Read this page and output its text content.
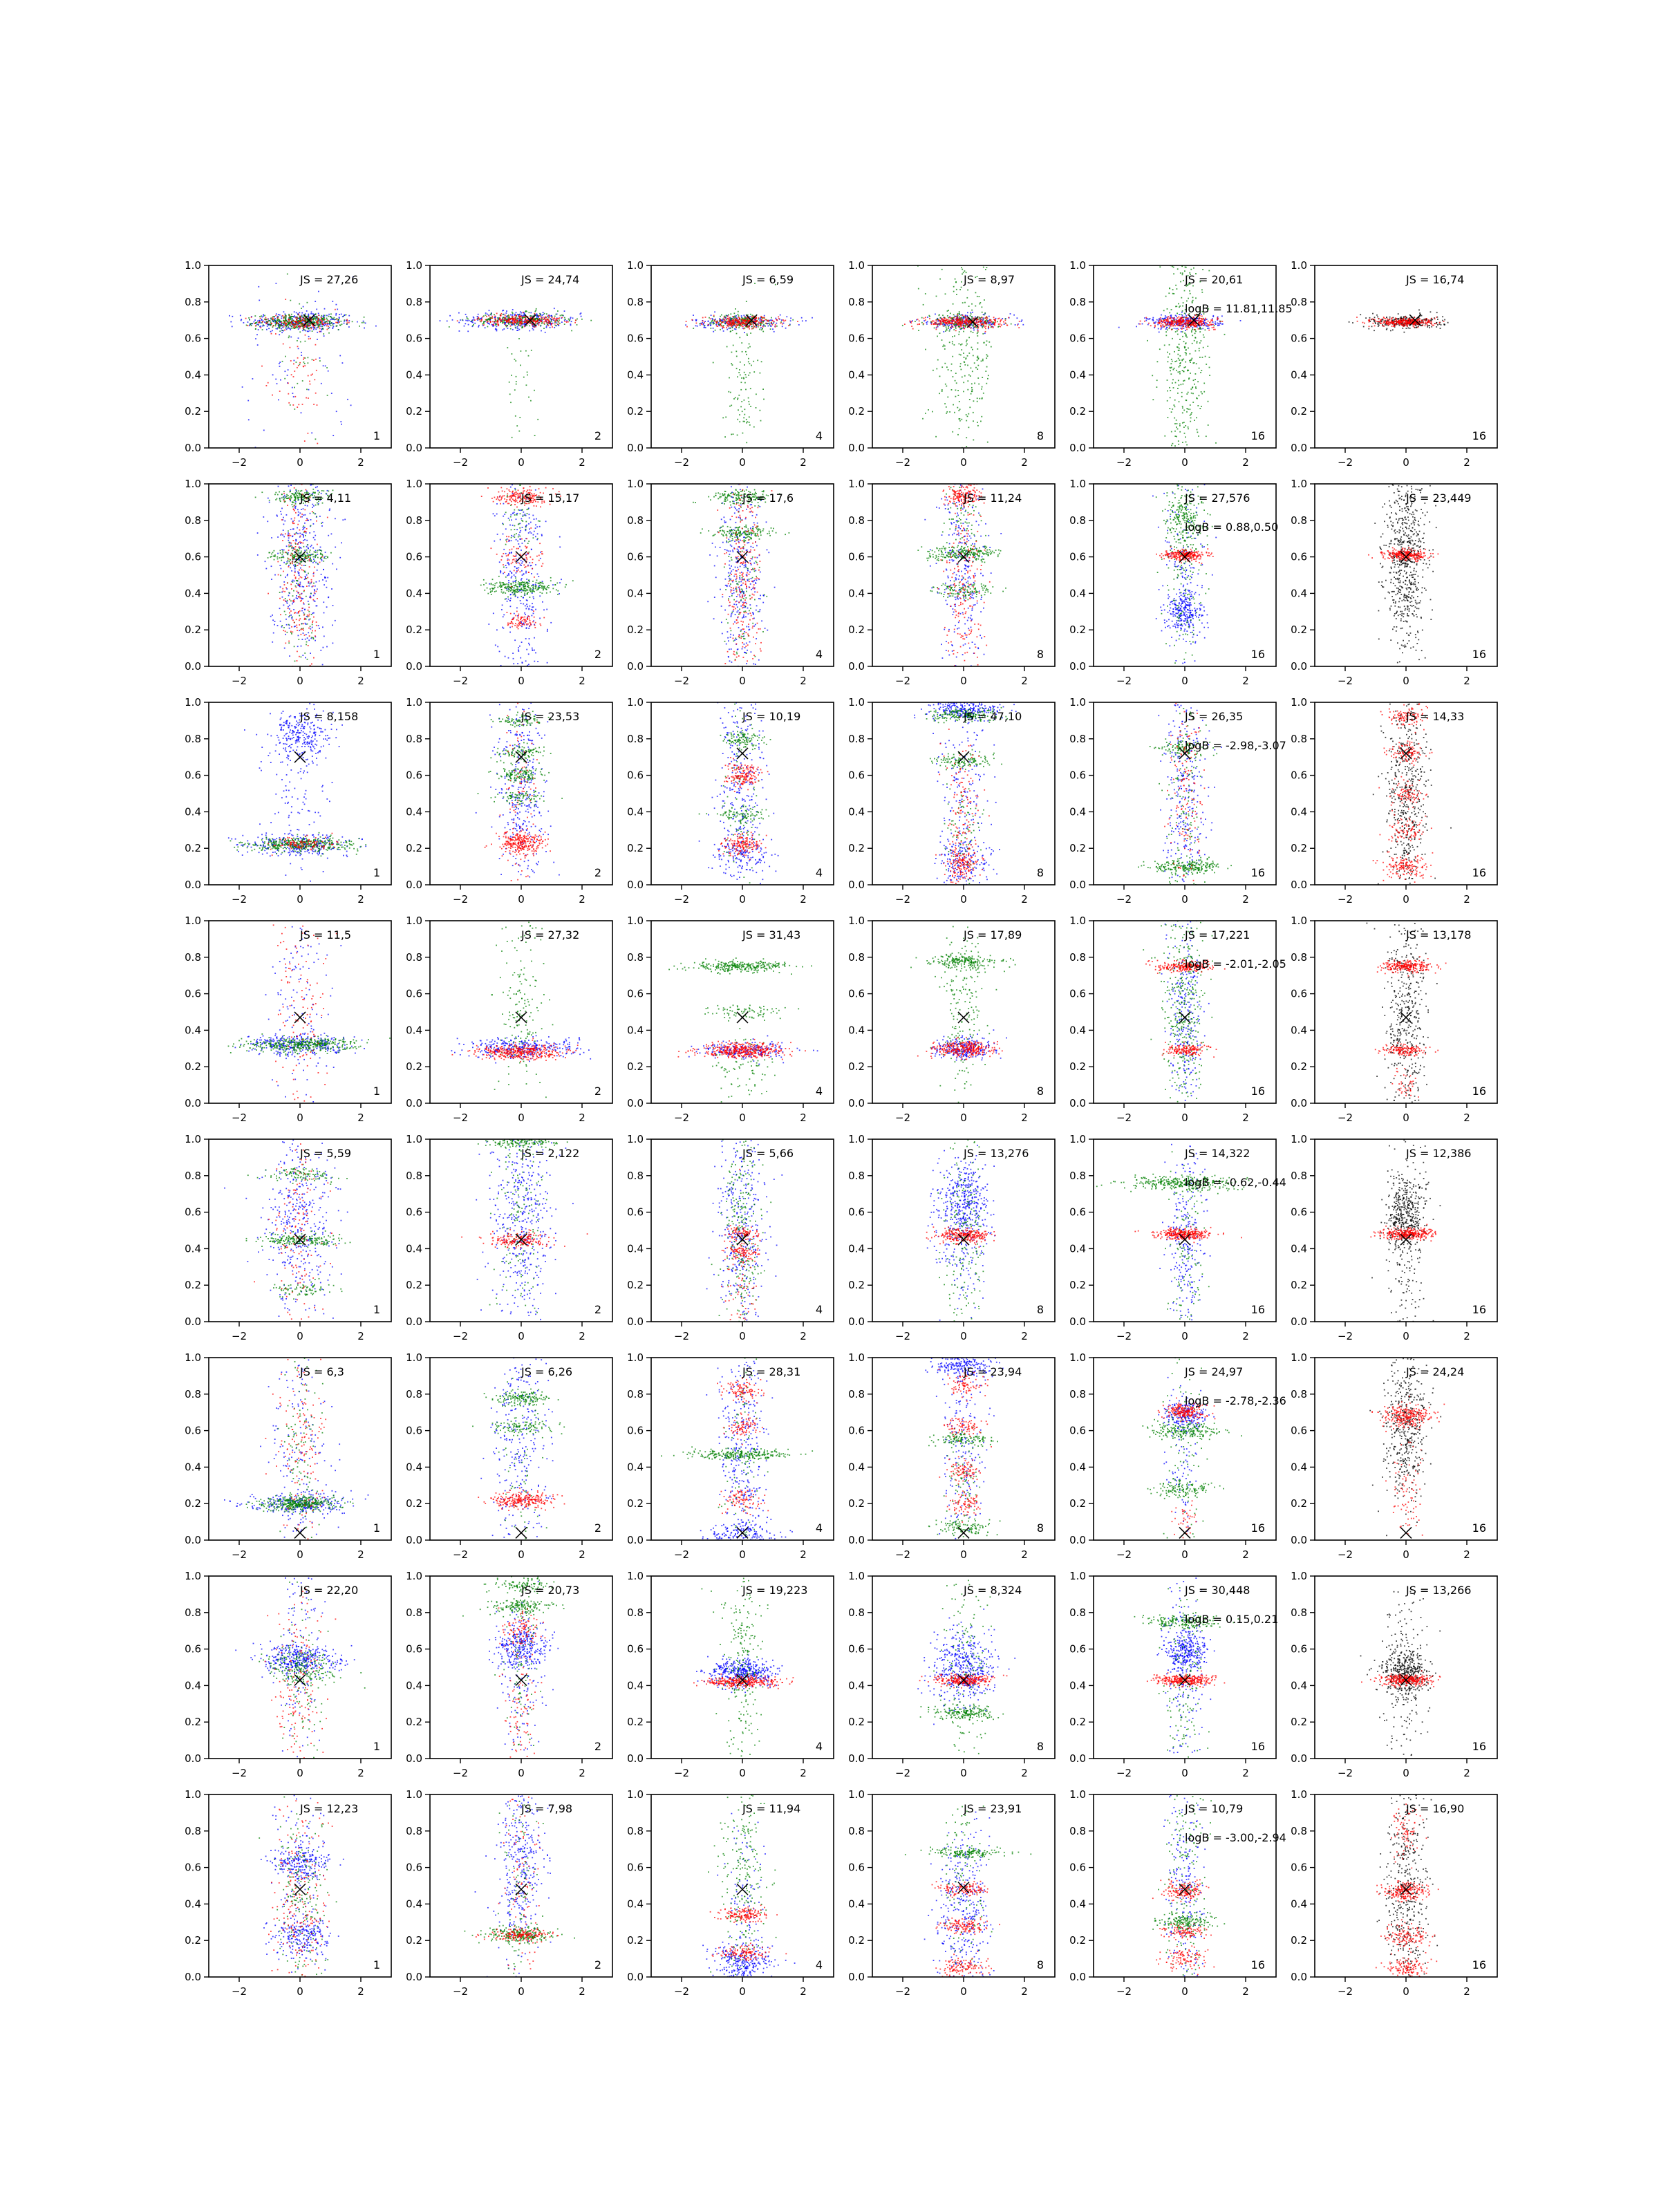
−2	0	2
0.0
0.2
0.4
0.6
0.8
1.0
JS = 27,26
1
−2	0	2
0.0
0.2
0.4
0.6
0.8
1.0
JS = 24,74
2
−2	0	2
0.0
0.2
0.4
0.6
0.8
1.0
JS = 6,59
4
−2	0	2
0.0
0.2
0.4
0.6
0.8
1.0
JS = 8,97
8
−2	0	2
0.0
0.2
0.4
0.6
0.8
1.0
JS = 20,61
logB = 11.81,11.85
16
−2	0	2
0.0
0.2
0.4
0.6
0.8
1.0
JS = 16,74
16
−2	0	2
0.0
0.2
0.4
0.6
0.8
1.0
JS = 4,11
1
−2	0	2
0.0
0.2
0.4
0.6
0.8
1.0
JS = 15,17
2
−2	0	2
0.0
0.2
0.4
0.6
0.8
1.0
JS = 17,6
4
−2	0	2
0.0
0.2
0.4
0.6
0.8
1.0
JS = 11,24
8
−2	0	2
0.0
0.2
0.4
0.6
0.8
1.0
JS = 27,576
logB = 0.88,0.50
16
−2	0	2
0.0
0.2
0.4
0.6
0.8
1.0
JS = 23,449
16
−2	0	2
0.0
0.2
0.4
0.6
0.8
1.0
JS = 8,158
1
−2	0	2
0.0
0.2
0.4
0.6
0.8
1.0
JS = 23,53
2
−2	0	2
0.0
0.2
0.4
0.6
0.8
1.0
JS = 10,19
4
−2	0	2
0.0
0.2
0.4
0.6
0.8
1.0
JS = 47,10
8
−2	0	2
0.0
0.2
0.4
0.6
0.8
1.0
JS = 26,35
logB = -2.98,-3.07
16
−2	0	2
0.0
0.2
0.4
0.6
0.8
1.0
JS = 14,33
16
−2	0	2
0.0
0.2
0.4
0.6
0.8
1.0
JS = 11,5
1
−2	0	2
0.0
0.2
0.4
0.6
0.8
1.0
JS = 27,32
2
−2	0	2
0.0
0.2
0.4
0.6
0.8
1.0
JS = 31,43
4
−2	0	2
0.0
0.2
0.4
0.6
0.8
1.0
JS = 17,89
8
−2	0	2
0.0
0.2
0.4
0.6
0.8
1.0
JS = 17,221
logB = -2.01,-2.05
16
−2	0	2
0.0
0.2
0.4
0.6
0.8
1.0
JS = 13,178
16
−2	0	2
0.0
0.2
0.4
0.6
0.8
1.0
JS = 5,59
1
−2	0	2
0.0
0.2
0.4
0.6
0.8
1.0
JS = 2,122
2
−2	0	2
0.0
0.2
0.4
0.6
0.8
1.0
JS = 5,66
4
−2	0	2
0.0
0.2
0.4
0.6
0.8
1.0
JS = 13,276
8
−2	0	2
0.0
0.2
0.4
0.6
0.8
1.0
JS = 14,322
logB = -0.62,-0.44
16
−2	0	2
0.0
0.2
0.4
0.6
0.8
1.0
JS = 12,386
16
−2	0	2
0.0
0.2
0.4
0.6
0.8
1.0
JS = 6,3
1
−2	0	2
0.0
0.2
0.4
0.6
0.8
1.0
JS = 6,26
2
−2	0	2
0.0
0.2
0.4
0.6
0.8
1.0
JS = 28,31
4
−2	0	2
0.0
0.2
0.4
0.6
0.8
1.0
JS = 23,94
8
−2	0	2
0.0
0.2
0.4
0.6
0.8
1.0
JS = 24,97
logB = -2.78,-2.36
16
−2	0	2
0.0
0.2
0.4
0.6
0.8
1.0
JS = 24,24
16
−2	0	2
0.0
0.2
0.4
0.6
0.8
1.0
JS = 22,20
1
−2	0	2
0.0
0.2
0.4
0.6
0.8
1.0
JS = 20,73
2
−2	0	2
0.0
0.2
0.4
0.6
0.8
1.0
JS = 19,223
4
−2	0	2
0.0
0.2
0.4
0.6
0.8
1.0
JS = 8,324
8
−2	0	2
0.0
0.2
0.4
0.6
0.8
1.0
JS = 30,448
logB = 0.15,0.21
16
−2	0	2
0.0
0.2
0.4
0.6
0.8
1.0
JS = 13,266
16
−2	0	2
0.0
0.2
0.4
0.6
0.8
1.0
JS = 12,23
1
−2	0	2
0.0
0.2
0.4
0.6
0.8
1.0
JS = 7,98
2
−2	0	2
0.0
0.2
0.4
0.6
0.8
1.0
JS = 11,94
4
−2	0	2
0.0
0.2
0.4
0.6
0.8
1.0
JS = 23,91
8
−2	0	2
0.0
0.2
0.4
0.6
0.8
1.0
JS = 10,79
logB = -3.00,-2.94
16
−2	0	2
0.0
0.2
0.4
0.6
0.8
1.0
JS = 16,90
16
